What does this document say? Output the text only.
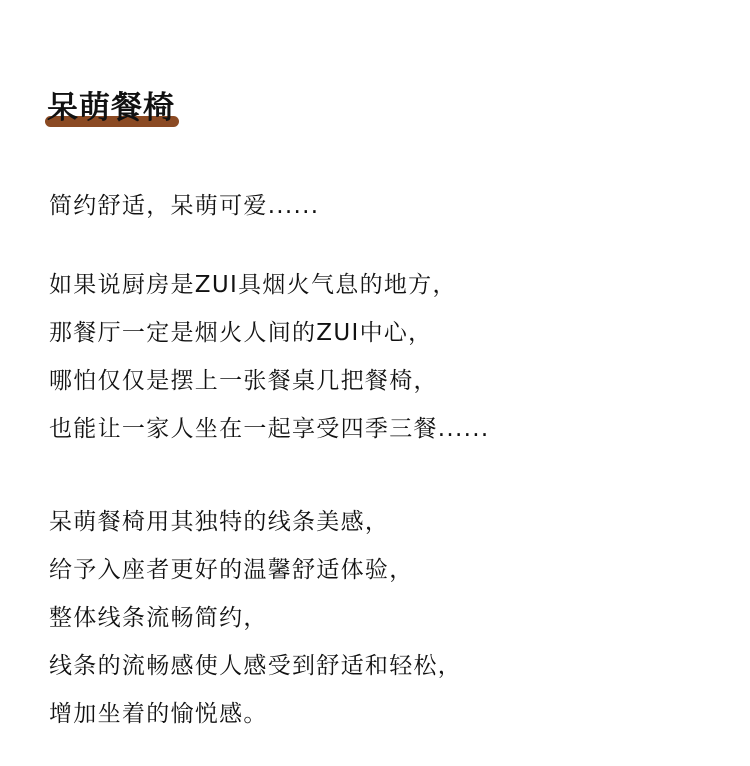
呆萌餐椅
简约舒适，呆萌可爱......
如果说厨房是ZUI具烟火气息的地方，
那餐厅一定是烟火人间的ZUI中心，
哪怕仅仅是摆上一张餐桌几把餐椅，
也能让一家人坐在一起享受四季三餐......
呆萌餐椅用其独特的线条美感，
给予入座者更好的温馨舒适体验，
整体线条流畅简约，
线条的流畅感使人感受到舒适和轻松，
增加坐着的愉悦感。
